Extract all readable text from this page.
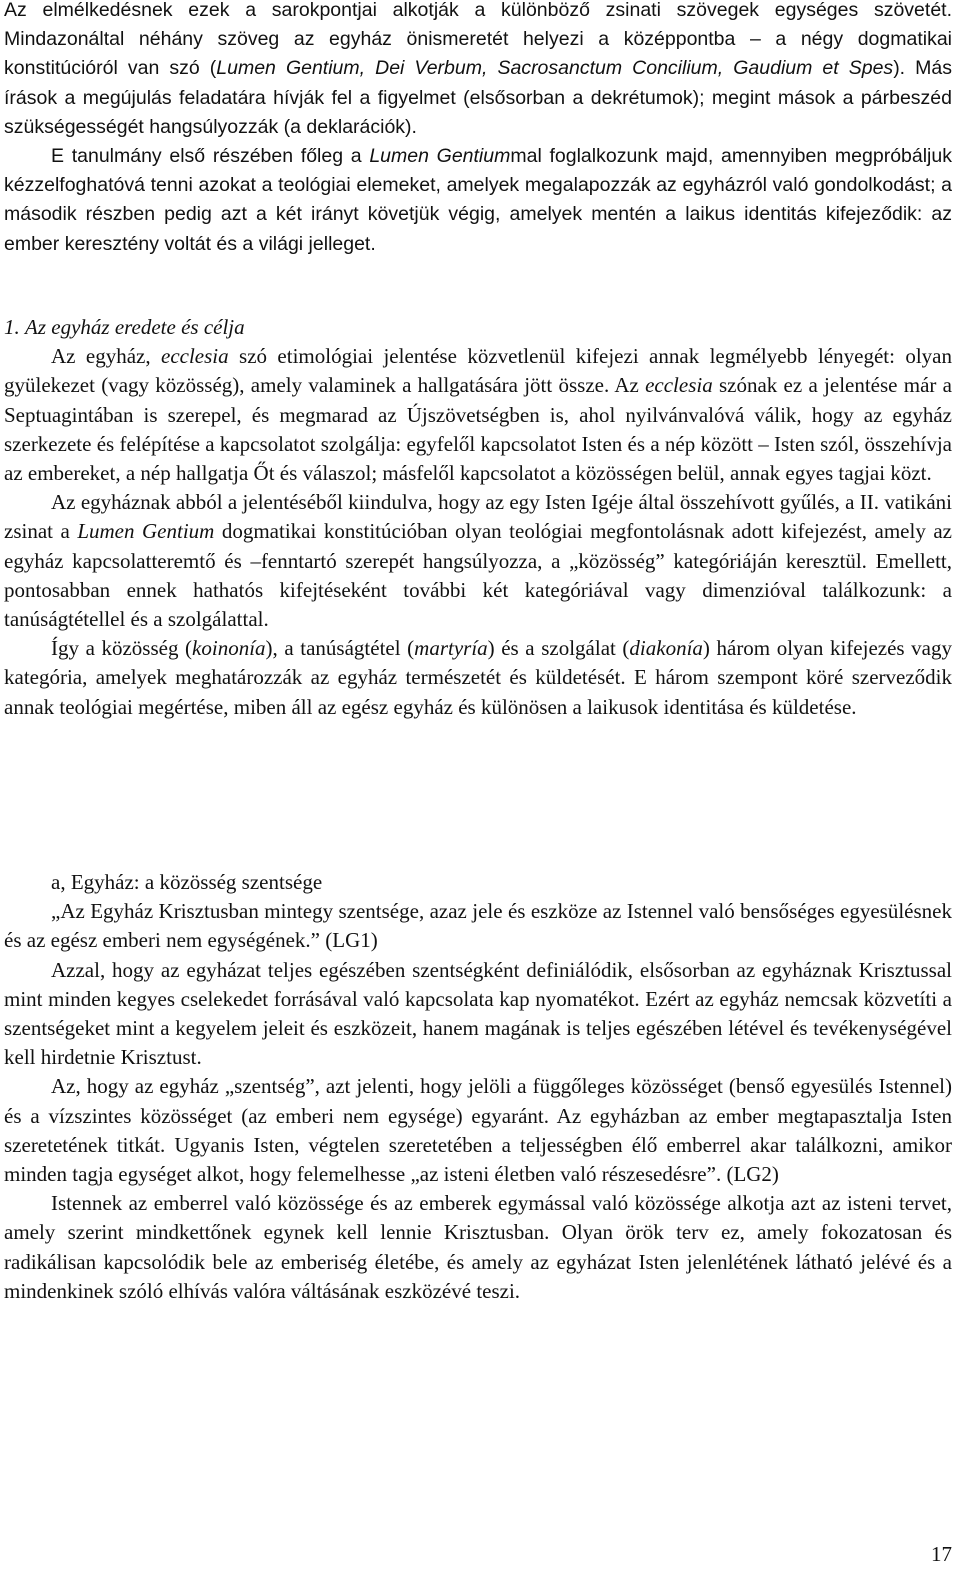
Az elmélkedésnek ezek a sarokpontjai alkotják a különböző zsinati szövegek egységes szövetét. Mindazonáltal néhány szöveg az egyház önismeretét helyezi a középpontba – a négy dogmatikai konstitúcióról van szó (Lumen Gentium, Dei Verbum, Sacrosanctum Concilium, Gaudium et Spes). Más írások a megújulás feladatára hívják fel a figyelmet (elsősorban a dekrétumok); megint mások a párbeszéd szükségességét hangsúlyozzák (a deklarációk).

E tanulmány első részében főleg a Lumen Gentiummal foglalkozunk majd, amennyiben megpróbáljuk kézzelfoghatóvá tenni azokat a teológiai elemeket, amelyek megalapozzák az egyházról való gondolkodást; a második részben pedig azt a két irányt követjük végig, amelyek mentén a laikus identitás kifejeződik: az ember keresztény voltát és a világi jelleget.

1. Az egyház eredete és célja

Az egyház, ecclesia szó etimológiai jelentése közvetlenül kifejezi annak legmélyebb lényegét: olyan gyülekezet (vagy közösség), amely valaminek a hallgatására jött össze. Az ecclesia szónak ez a jelentése már a Septuagintában is szerepel, és megmarad az Újszövetségben is, ahol nyilvánvalóvá válik, hogy az egyház szerkezete és felépítése a kapcsolatot szolgálja: egyfelől kapcsolatot Isten és a nép között – Isten szól, összehívja az embereket, a nép hallgatja Őt és válaszol; másfelől kapcsolatot a közösségen belül, annak egyes tagjai közt.

Az egyháznak abból a jelentéséből kiindulva, hogy az egy Isten Igéje által összehívott gyűlés, a II. vatikáni zsinat a Lumen Gentium dogmatikai konstitúcióban olyan teológiai megfontolásnak adott kifejezést, amely az egyház kapcsolatteremtő és –fenntartó szerepét hangsúlyozza, a „közösség” kategóriáján keresztül. Emellett, pontosabban ennek hathatós kifejtéseként további két kategóriával vagy dimenzióval találkozunk: a tanúságtétellel és a szolgálattal.

Így a közösség (koinonía), a tanúságtétel (martyría) és a szolgálat (diakonía) három olyan kifejezés vagy kategória, amelyek meghatározzák az egyház természetét és küldetését. E három szempont köré szerveződik annak teológiai megértése, miben áll az egész egyház és különösen a laikusok identitása és küldetése.

a, Egyház: a közösség szentsége

„Az Egyház Krisztusban mintegy szentsége, azaz jele és eszköze az Istennel való bensőséges egyesülésnek és az egész emberi nem egységének.” (LG1)

Azzal, hogy az egyházat teljes egészében szentségként definiálódik, elsősorban az egyháznak Krisztussal mint minden kegyes cselekedet forrásával való kapcsolata kap nyomatékot. Ezért az egyház nemcsak közvetíti a szentségeket mint a kegyelem jeleit és eszközeit, hanem magának is teljes egészében létével és tevékenységével kell hirdetnie Krisztust.

Az, hogy az egyház „szentség”, azt jelenti, hogy jelöli a függőleges közösséget (benső egyesülés Istennel) és a vízszintes közösséget (az emberi nem egysége) egyaránt. Az egyházban az ember megtapasztalja Isten szeretetének titkát. Ugyanis Isten, végtelen szeretetében a teljességben élő emberrel akar találkozni, amikor minden tagja egységet alkot, hogy felemelhesse „az isteni életben való részesedésre”. (LG2)

Istennek az emberrel való közössége és az emberek egymással való közössége alkotja azt az isteni tervet, amely szerint mindkettőnek egynek kell lennie Krisztusban. Olyan örök terv ez, amely fokozatosan és radikálisan kapcsolódik bele az emberiség életébe, és amely az egyházat Isten jelenlétének látható jelévé és a mindenkinek szóló elhívás valóra váltásának eszközévé teszi.

17
